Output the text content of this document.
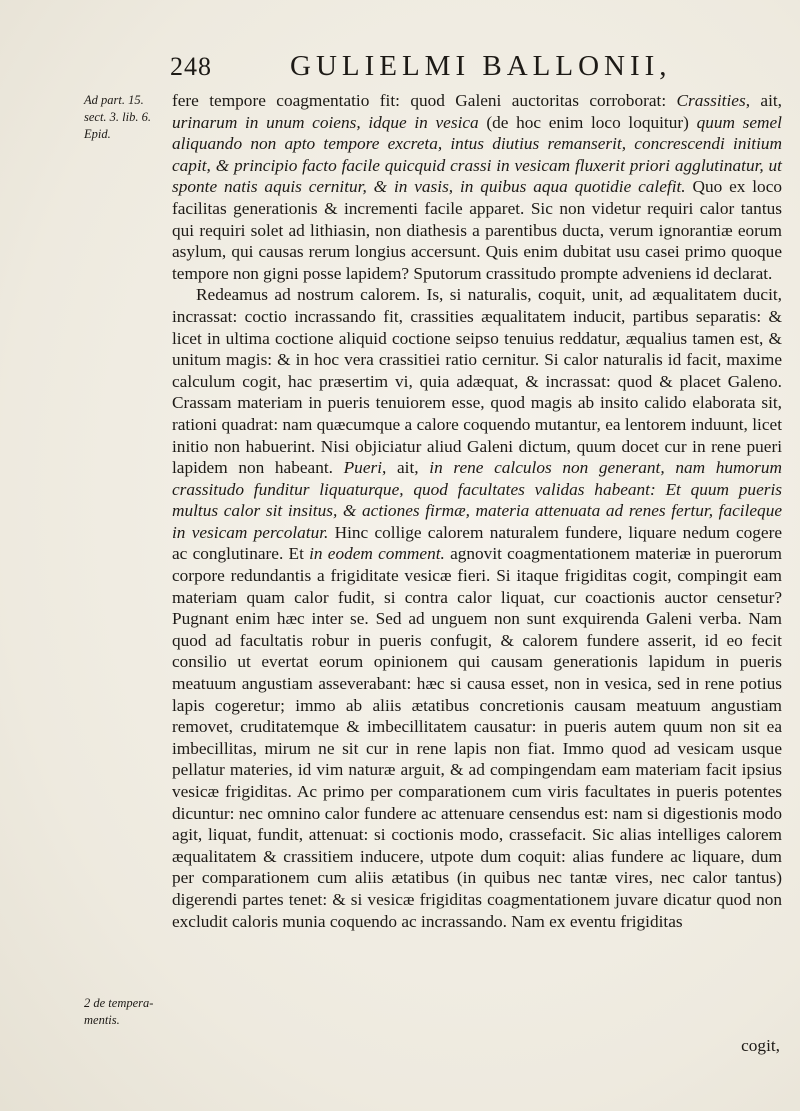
248	GULIELMI BALLONII,
Ad part. 15. sect. 3. lib. 6. Epid.
2 de tempera-mentis.

fere tempore coagmentatio fit: quod Galeni auctoritas corroborat: Crassities, ait, urinarum in unum coiens, idque in vesica (de hoc enim loco loquitur) quum semel aliquando non apto tempore excreta, intus diutius remanserit, concrescendi initium capit, & principio facto facile quicquid crassi in vesicam fluxerit priori agglutinatur, ut sponte natis aquis cernitur, & in vasis, in quibus aqua quotidie calefit. Quo ex loco facilitas generationis & incrementi facile apparet. Sic non videtur requiri calor tantus qui requiri solet ad lithiasin, non diathesis a parentibus ducta, verum ignorantiæ eorum asylum, qui causas rerum longius accersunt. Quis enim dubitat usu casei primo quoque tempore non gigni posse lapidem? Sputorum crassitudo prompte adveniens id declarat.

Redeamus ad nostrum calorem. Is, si naturalis, coquit, unit, ad æqualitatem ducit, incrassat: coctio incrassando fit, crassities æqualitatem inducit, partibus separatis: & licet in ultima coctione aliquid coctione seipso tenuius reddatur, æqualius tamen est, & unitum magis: & in hoc vera crassitiei ratio cernitur. Si calor naturalis id facit, maxime calculum cogit, hac præsertim vi, quia adæquat, & incrassat: quod & placet Galeno. Crassam materiam in pueris tenuiorem esse, quod magis ab insito calido elaborata sit, rationi quadrat: nam quæcumque a calore coquendo mutantur, ea lentorem induunt, licet initio non habuerint. Nisi objiciatur aliud Galeni dictum, quum docet cur in rene pueri lapidem non habeant. Pueri, ait, in rene calculos non generant, nam humorum crassitudo funditur liquaturque, quod facultates validas habeant: Et quum pueris multus calor sit insitus, & actiones firmæ, materia attenuata ad renes fertur, facileque in vesicam percolatur. Hinc collige calorem naturalem fundere, liquare nedum cogere ac conglutinare. Et in eodem comment. agnovit coagmentationem materiæ in puerorum corpore redundantis a frigiditate vesicæ fieri. Si itaque frigiditas cogit, compingit eam materiam quam calor fudit, si contra calor liquat, cur coactionis auctor censetur? Pugnant enim hæc inter se. Sed ad unguem non sunt exquirenda Galeni verba. Nam quod ad facultatis robur in pueris confugit, & calorem fundere asserit, id eo fecit consilio ut evertat eorum opinionem qui causam generationis lapidum in pueris meatuum angustiam asseverabant: hæc si causa esset, non in vesica, sed in rene potius lapis cogeretur; immo ab aliis ætatibus concretionis causam meatuum angustiam removet, cruditatemque & imbecillitatem causatur: in pueris autem quum non sit ea imbecillitas, mirum ne sit cur in rene lapis non fiat. Immo quod ad vesicam usque pellatur materies, id vim naturæ arguit, & ad compingendam eam materiam facit ipsius vesicæ frigiditas. Ac primo per comparationem cum viris facultates in pueris potentes dicuntur: nec omnino calor fundere ac attenuare censendus est: nam si digestionis modo agit, liquat, fundit, attenuat: si coctionis modo, crassefacit. Sic alias intelliges calorem æqualitatem & crassitiem inducere, utpote dum coquit: alias fundere ac liquare, dum per comparationem cum aliis ætatibus (in quibus nec tantæ vires, nec calor tantus) digerendi partes tenet: & si vesicæ frigiditas coagmentationem juvare dicatur quod non excludit caloris munia coquendo ac incrassando. Nam ex eventu frigiditas

cogit,
